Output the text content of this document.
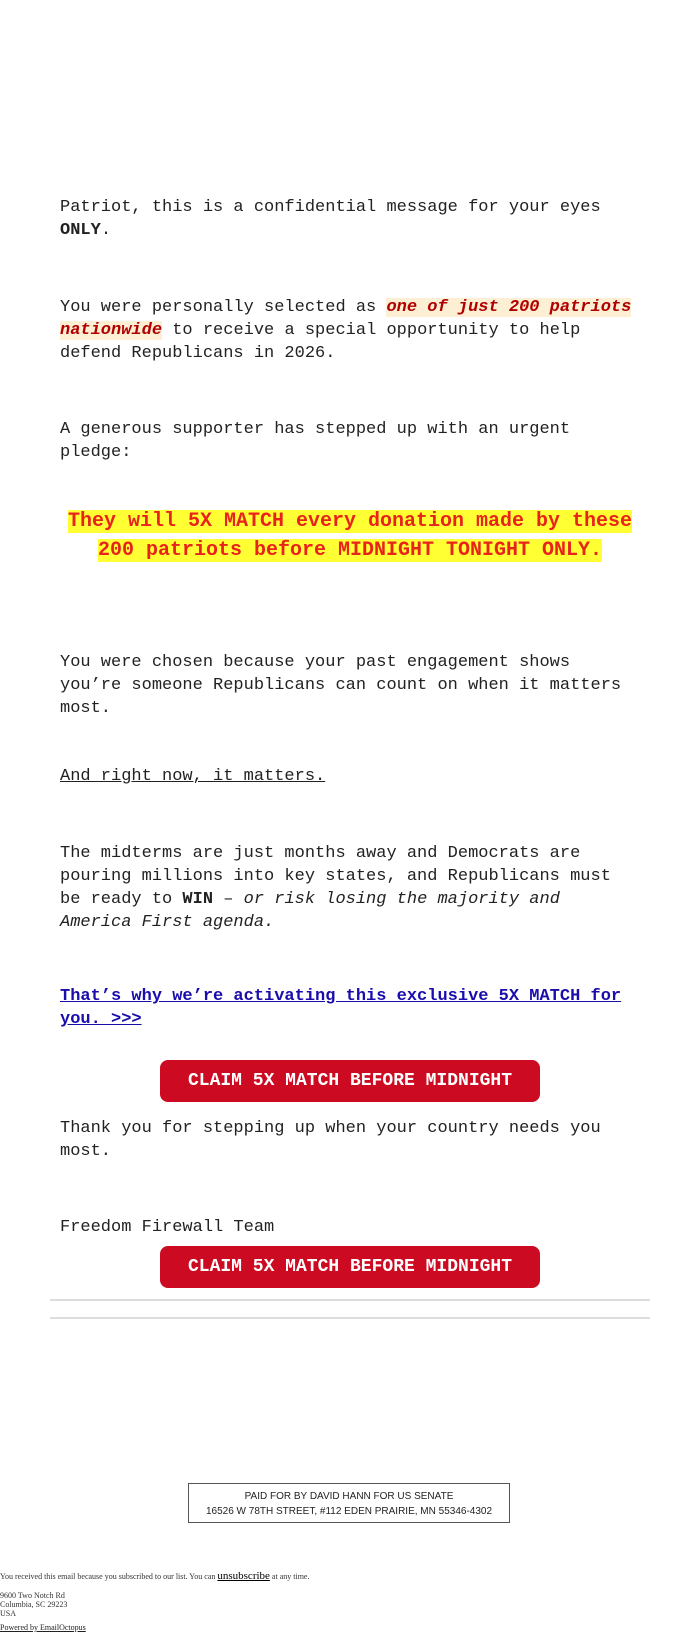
Patriot, this is a confidential message for your eyes ONLY.
You were personally selected as one of just 200 patriots nationwide to receive a special opportunity to help defend Republicans in 2026.
A generous supporter has stepped up with an urgent pledge:
They will 5X MATCH every donation made by these 200 patriots before MIDNIGHT TONIGHT ONLY.
You were chosen because your past engagement shows you’re someone Republicans can count on when it matters most.
And right now, it matters.
The midterms are just months away and Democrats are pouring millions into key states, and Republicans must be ready to WIN – or risk losing the majority and America First agenda.
That’s why we’re activating this exclusive 5X MATCH for you. >>>
CLAIM 5X MATCH BEFORE MIDNIGHT
Thank you for stepping up when your country needs you most.
Freedom Firewall Team
CLAIM 5X MATCH BEFORE MIDNIGHT
PAID FOR BY DAVID HANN FOR US SENATE
16526 W 78TH STREET, #112 EDEN PRAIRIE, MN 55346-4302
You received this email because you subscribed to our list. You can unsubscribe at any time.
9600 Two Notch Rd
Columbia, SC 29223
USA
Powered by EmailOctopus
